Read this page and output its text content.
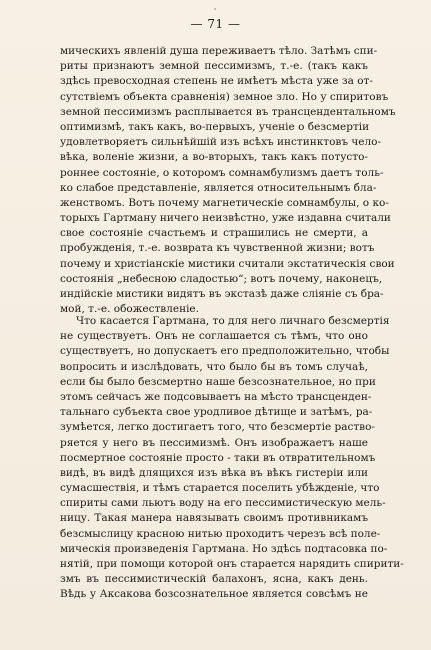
— 71 —
мическихъ явленій душа переживаетъ тѣло. Затѣмъ спи-
риты признаютъ земной пессимизмъ, т.-е. (такъ какъ
здѣсь превосходная степень не имѣетъ мѣста уже за от-
сутствіемъ объекта сравненія) земное зло. Но у спиритовъ
земной пессимизмъ расплывается въ трансцендентальномъ
оптимизмѣ, такъ какъ, во-первыхъ, ученіе о безсмертіи
удовлетворяетъ сильнѣйшій изъ всѣхъ инстинктовъ чело-
вѣка, воленіе жизни, а во-вторыхъ, такъ какъ потусто-
роннее состояніе, о которомъ сомнамбулизмъ даетъ толь-
ко слабое представленіе, является относительнымъ бла-
женствомъ. Вотъ почему магнетическіе сомнамбулы, о ко-
торыхъ Гартману ничего неизвѣстно, уже издавна считали
свое состояніе счастьемъ и страшились не смерти, а
пробужденія, т.-е. возврата къ чувственной жизни; вотъ
почему и христіанскіе мистики считали экстатическія свои
состоянія „небесною сладостью“; вотъ почему, наконецъ,
индійскіе мистики видятъ въ экстазѣ даже сліяніе съ бра-
мой, т.-е. обожествленіе.
Что касается Гартмана, то для него личнаго безсмертія
не существуетъ. Онъ не соглашается съ тѣмъ, что оно
существуетъ, но допускаетъ его предположительно, чтобы
вопросить и изслѣдовать, что было бы въ томъ случаѣ,
если бы было безсмертно наше безсознательное, но при
этомъ сейчасъ же подсовываетъ на мѣсто трансценден-
тальнаго субъекта свое уродливое дѣтище и затѣмъ, ра-
зумѣется, легко достигаетъ того, что безсмертіе раство-
ряется у него въ пессимизмѣ. Онъ изображаетъ наше
посмертное состояніе просто - таки въ отвратительномъ
видѣ, въ видѣ длящихся изъ вѣка въ вѣкъ гистеріи или
сумасшествія, и тѣмъ старается поселить убѣжденіе, что
спириты сами льютъ воду на его пессимистическую мель-
ницу. Такая манера навязывать своимъ противникамъ
безсмыслицу красною нитью проходитъ черезъ всѣ поле-
мическія произведенія Гартмана. Но здѣсь подтасовка по-
нятій, при помощи которой онъ старается нарядить спирити-
змъ въ пессимистическій балахонъ, ясна, какъ день.
Вѣдь у Аксакова бозсознательное является совсѣмъ не
